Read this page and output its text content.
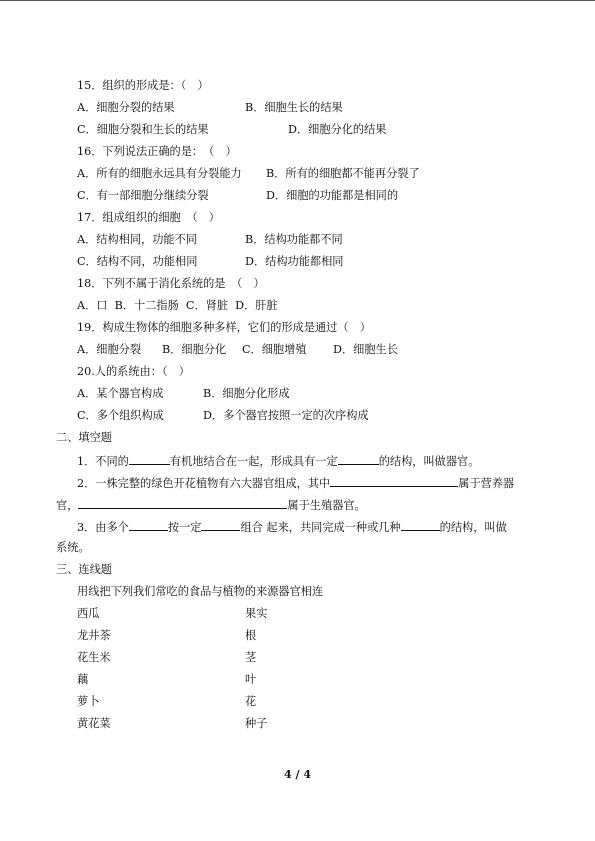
15．组织的形成是：（　）
A．细胞分裂的结果	B．细胞生长的结果
C．细胞分裂和生长的结果	D．细胞分化的结果
16．下列说法正确的是：　（　）
A．所有的细胞永远具有分裂能力 B．所有的细胞都不能再分裂了
C．有一部细胞分继续分裂	D．细胞的功能都是相同的
17．组成组织的细胞　（　）
A．结构相同，功能不同	B．结构功能都不同
C．结构不同，功能相同	D．结构功能都相同
18．下列不属于消化系统的是　（　）
A．口 B．十二指肠 C．肾脏 D．肝脏
19．构成生物体的细胞多种多样，它们的形成是通过（　）
A．细胞分裂 B．细胞分化 C．细胞增殖 D．细胞生长
20.人的系统由：（　）
A．某个器官构成	B．细胞分化形成
C．多个组织构成	D．多个器官按照一定的次序构成
二、填空题
1．不同的	有机地结合在一起，形成具有一定	的结构，叫做器官。
2．一株完整的绿色开花植物有六大器官组成，其中	属于营养器
官，	属于生殖器官。
3．由多个	按一定	组合 起来，共同完成一种或几种	的结构，叫做
系统。
三、连线题
用线把下列我们常吃的食品与植物的来源器官相连
西瓜	果实
龙井茶	根
花生米	茎
藕	叶
萝卜	花
黄花菜	种子
4 / 4
